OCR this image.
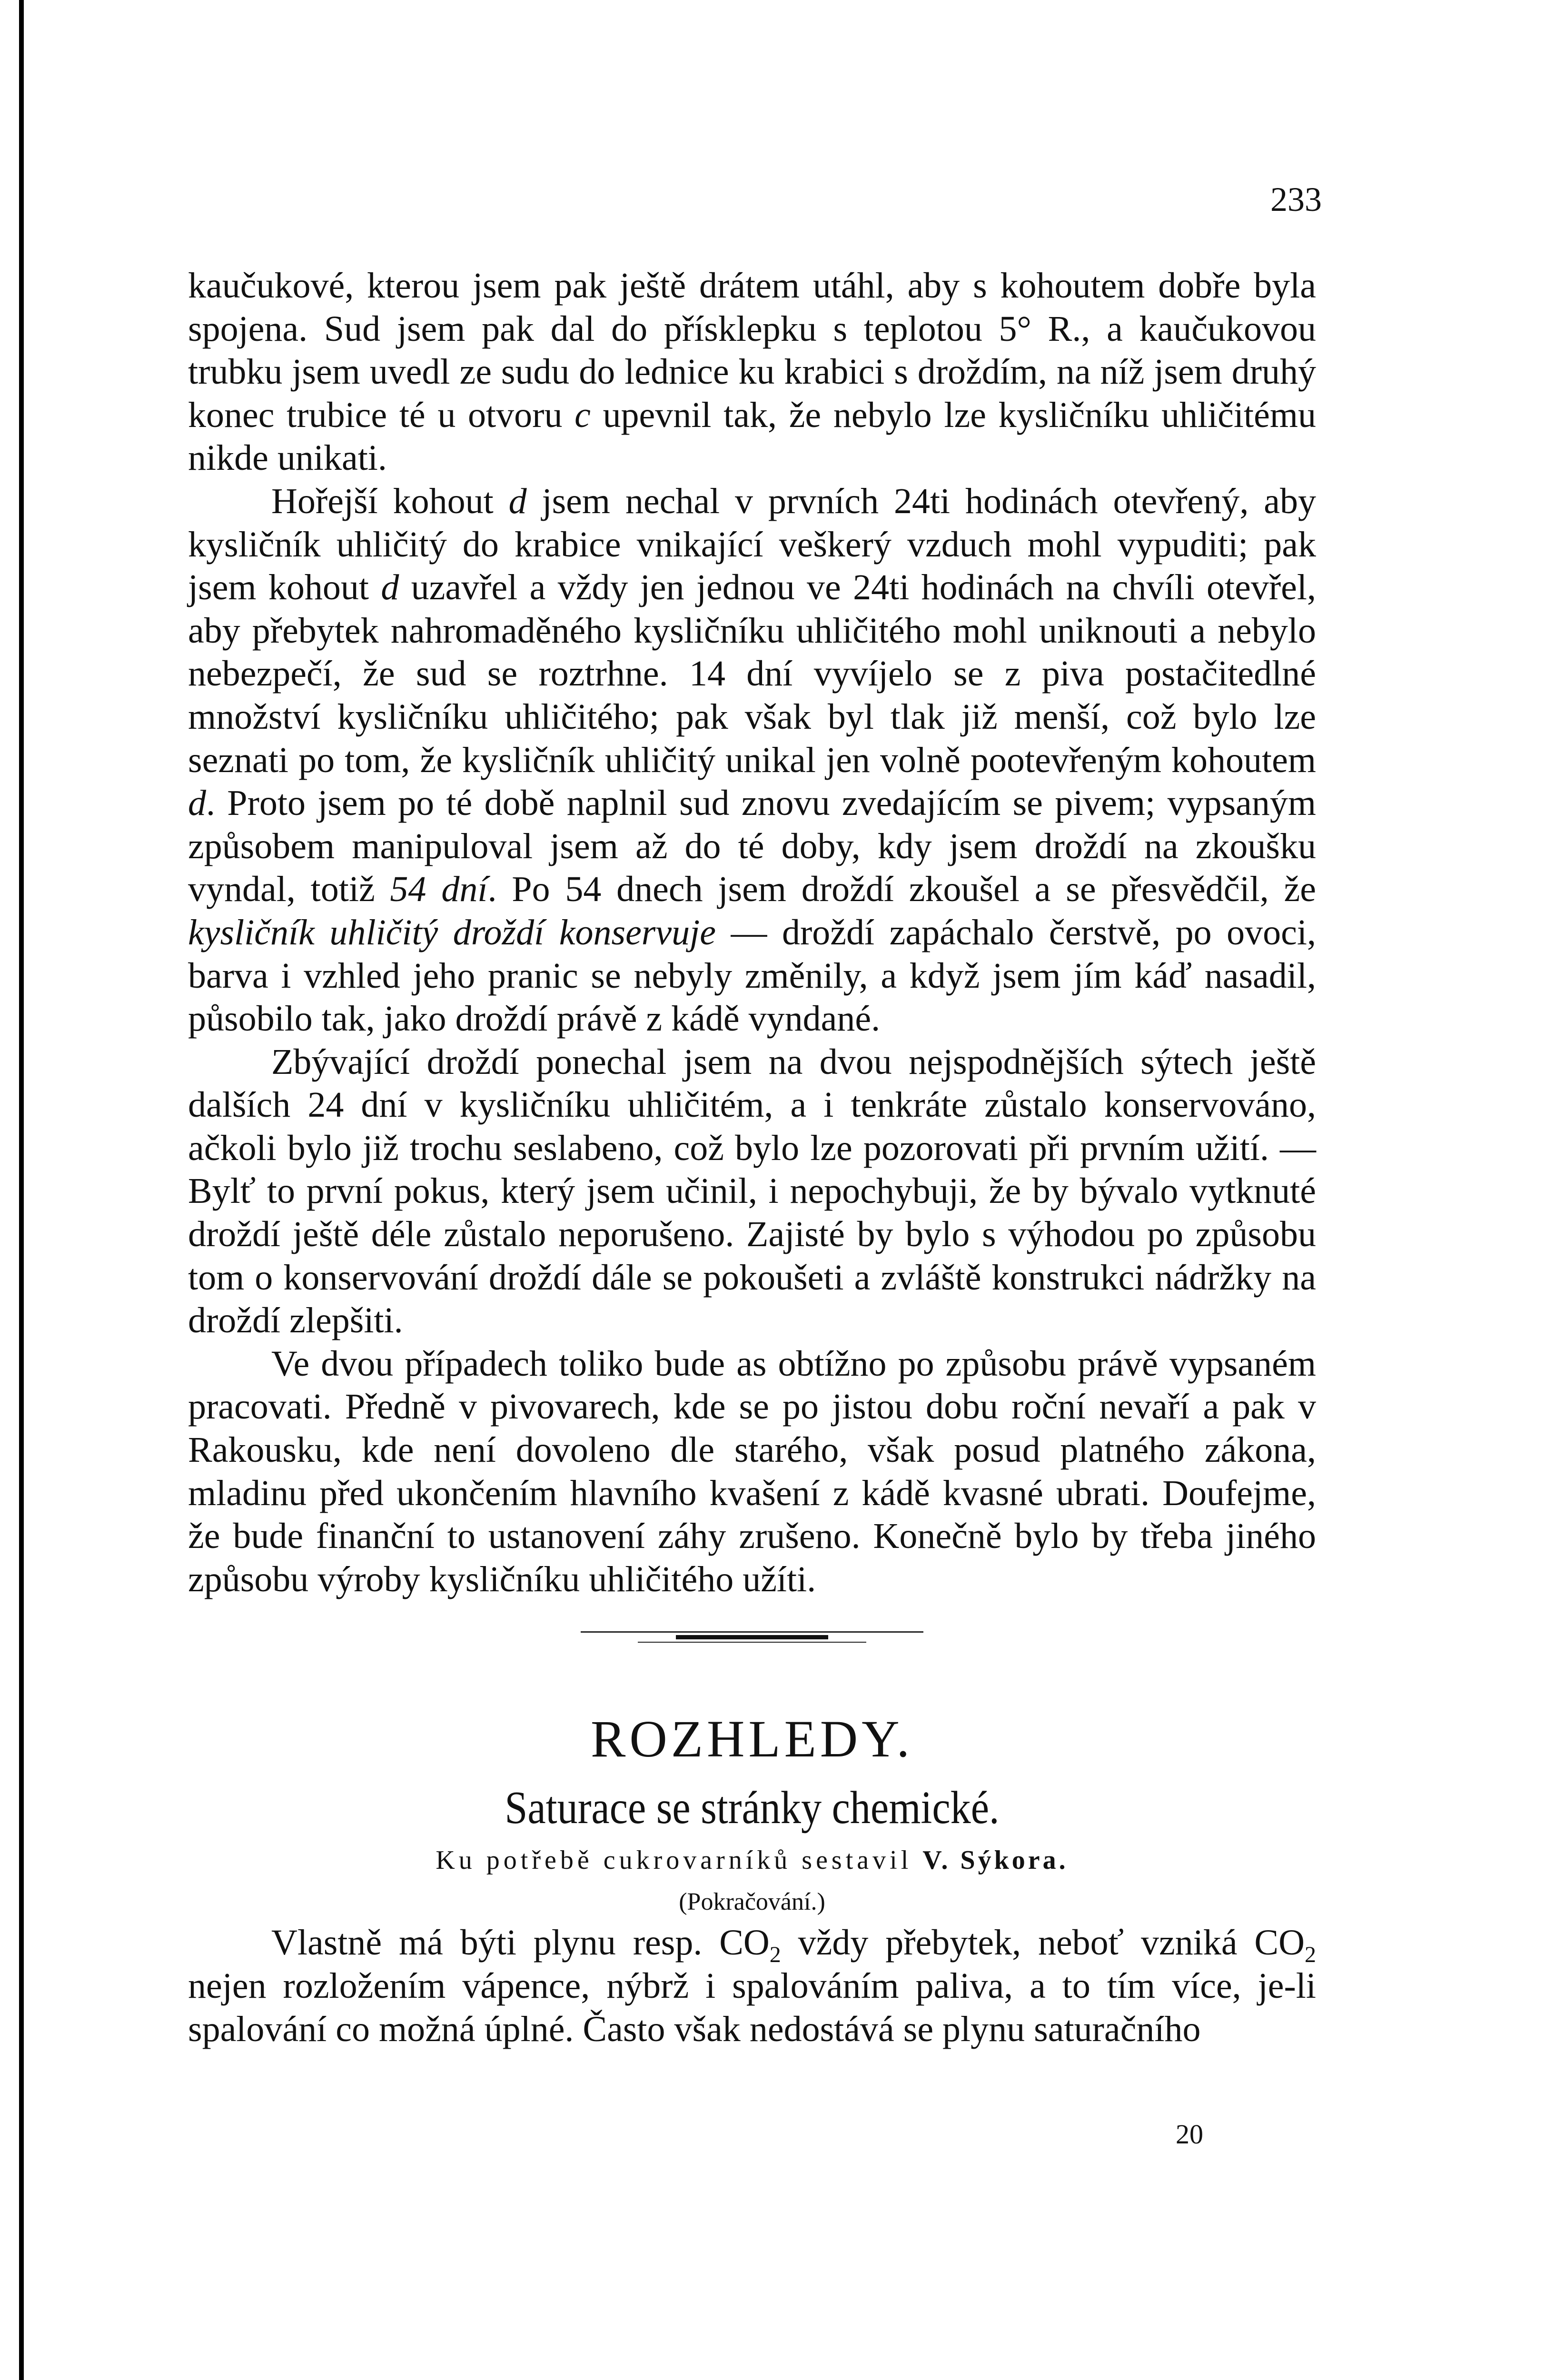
233

kaučukové, kterou jsem pak ještě drátem utáhl, aby s kohoutem dobře byla spojena. Sud jsem pak dal do přísklepku s teplotou 5° R., a kaučukovou trubku jsem uvedl ze sudu do lednice ku krabici s droždím, na níž jsem druhý konec trubice té u otvoru c upevnil tak, že nebylo lze kysličníku uhličitému nikde unikati.

Hořejší kohout d jsem nechal v prvních 24ti hodinách otevřený, aby kysličník uhličitý do krabice vnikající veškerý vzduch mohl vypuditi; pak jsem kohout d uzavřel a vždy jen jednou ve 24ti hodinách na chvíli otevřel, aby přebytek nahromaděného kysličníku uhličitého mohl uniknouti a nebylo nebezpečí, že sud se roztrhne. 14 dní vyvíjelo se z piva postačitedlné množství kysličníku uhličitého; pak však byl tlak již menší, což bylo lze seznati po tom, že kysličník uhličitý unikal jen volně pootevřeným kohoutem d. Proto jsem po té době naplnil sud znovu zvedajícím se pivem; vypsaným způsobem manipuloval jsem až do té doby, kdy jsem droždí na zkoušku vyndal, totiž 54 dní. Po 54 dnech jsem droždí zkoušel a se přesvědčil, že kysličník uhličitý droždí konservuje — droždí zapáchalo čerstvě, po ovoci, barva i vzhled jeho pranic se nebyly změnily, a když jsem jím káď nasadil, působilo tak, jako droždí právě z kádě vyndané.

Zbývající droždí ponechal jsem na dvou nejspodnějších sýtech ještě dalších 24 dní v kysličníku uhličitém, a i tenkráte zůstalo konservováno, ačkoli bylo již trochu seslabeno, což bylo lze pozorovati při prvním užití. — Bylť to první pokus, který jsem učinil, i nepochybuji, že by bývalo vytknuté droždí ještě déle zůstalo neporušeno. Zajisté by bylo s výhodou po způsobu tom o konservování droždí dále se pokoušeti a zvláště konstrukci nádržky na droždí zlepšiti.

Ve dvou případech toliko bude as obtížno po způsobu právě vypsaném pracovati. Předně v pivovarech, kde se po jistou dobu roční nevaří a pak v Rakousku, kde není dovoleno dle starého, však posud platného zákona, mladinu před ukončením hlavního kvašení z kádě kvasné ubrati. Doufejme, že bude finanční to ustanovení záhy zrušeno. Konečně bylo by třeba jiného způsobu výroby kysličníku uhličitého užíti.

ROZHLEDY.
Saturace se stránky chemické.
Ku potřebě cukrovarníků sestavil V. Sýkora.
(Pokračování.)

Vlastně má býti plynu resp. $CO_2$ vždy přebytek, neboť vzniká $CO_2$ nejen rozložením vápence, nýbrž i spalováním paliva, a to tím více, je-li spalování co možná úplné. Často však nedostává se plynu saturačního

20
